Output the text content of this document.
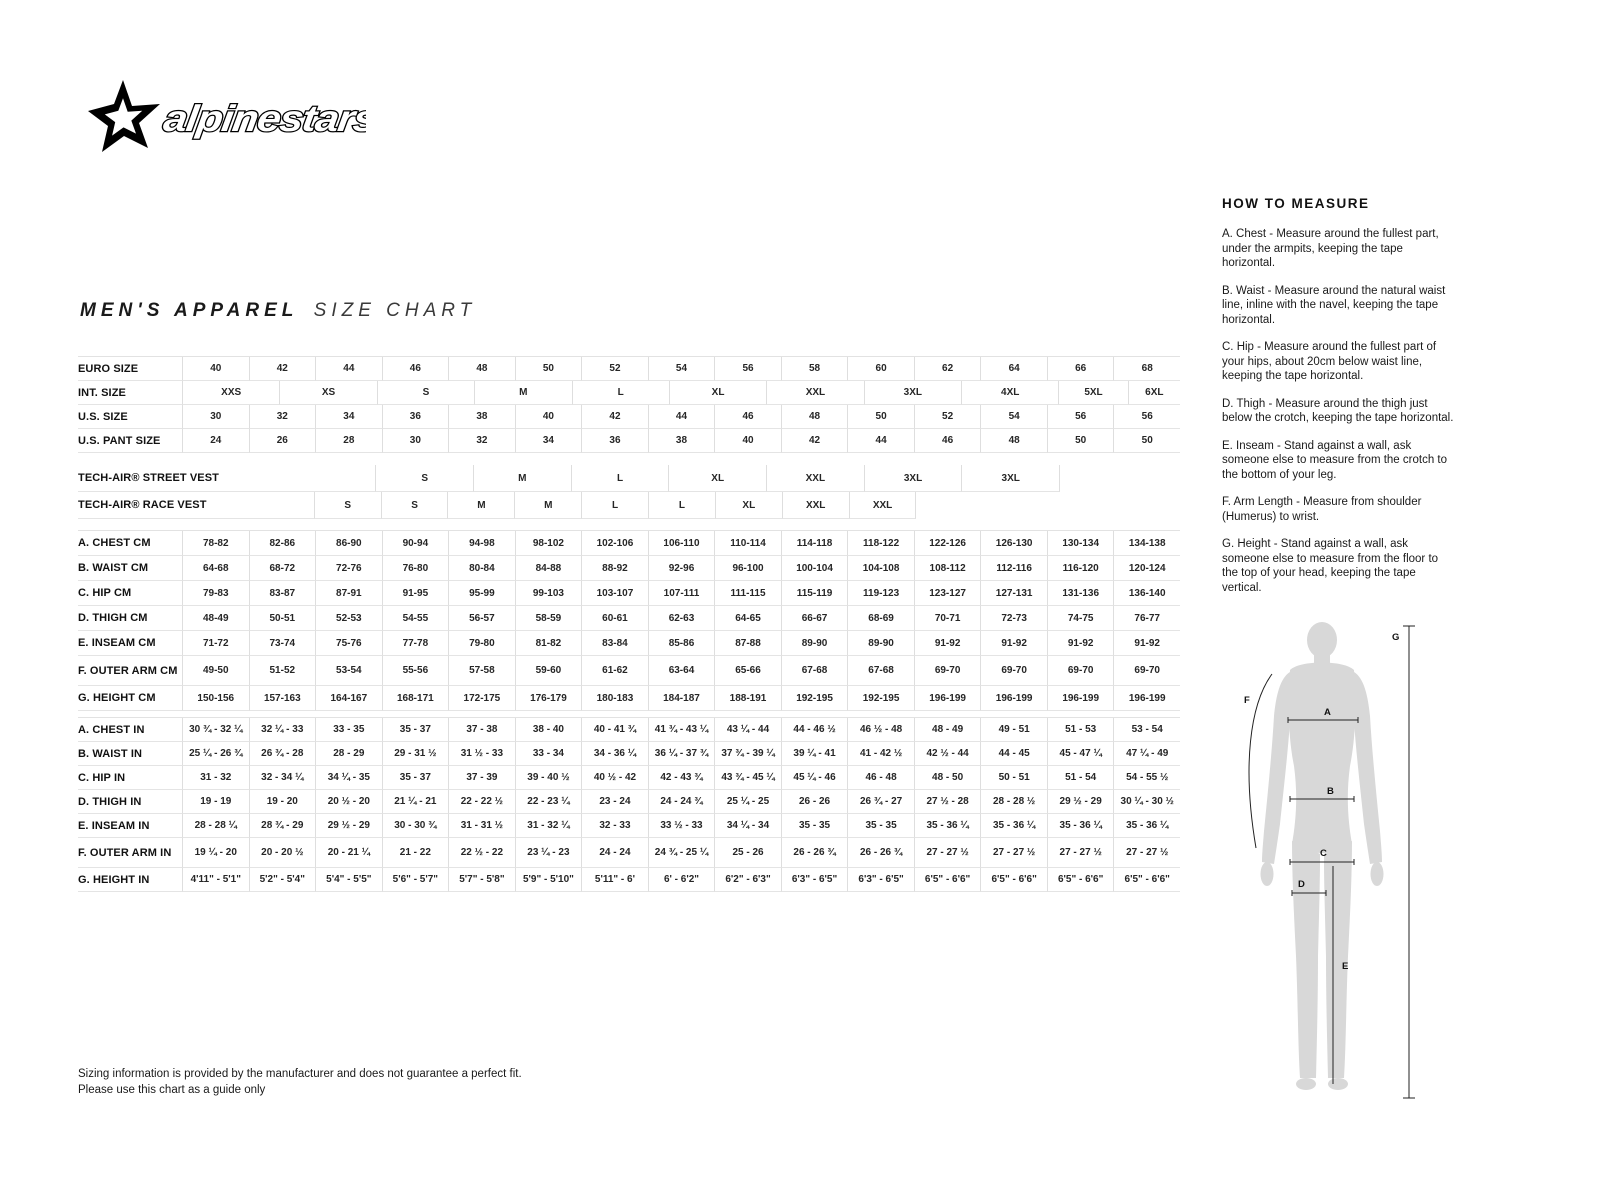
alpinestars
MEN'S APPAREL SIZE CHART
EURO SIZE	40	42	44	46	48	50	52	54	56	58	60	62	64	66	68
INT. SIZE	XXS	XS	S	M	L	XL	XXL	3XL	4XL	5XL	6XL
U.S. SIZE	30	32	34	36	38	40	42	44	46	48	50	52	54	56	56
U.S. PANT SIZE	24	26	28	30	32	34	36	38	40	42	44	46	48	50	50
TECH-AIR® STREET VEST	S	M	L	XL	XXL	3XL	3XL
TECH-AIR® RACE VEST	S	S	M	M	L	L	XL	XXL	XXL
A. CHEST CM	78-82	82-86	86-90	90-94	94-98	98-102	102-106	106-110	110-114	114-118	118-122	122-126	126-130	130-134	134-138
B. WAIST CM	64-68	68-72	72-76	76-80	80-84	84-88	88-92	92-96	96-100	100-104	104-108	108-112	112-116	116-120	120-124
C. HIP CM	79-83	83-87	87-91	91-95	95-99	99-103	103-107	107-111	111-115	115-119	119-123	123-127	127-131	131-136	136-140
D. THIGH CM	48-49	50-51	52-53	54-55	56-57	58-59	60-61	62-63	64-65	66-67	68-69	70-71	72-73	74-75	76-77
E. INSEAM CM	71-72	73-74	75-76	77-78	79-80	81-82	83-84	85-86	87-88	89-90	89-90	91-92	91-92	91-92	91-92
F. OUTER ARM CM	49-50	51-52	53-54	55-56	57-58	59-60	61-62	63-64	65-66	67-68	67-68	69-70	69-70	69-70	69-70
G. HEIGHT CM	150-156	157-163	164-167	168-171	172-175	176-179	180-183	184-187	188-191	192-195	192-195	196-199	196-199	196-199	196-199
A. CHEST IN	30 ¾ - 32 ¼	32 ¼ - 33	33 - 35	35 - 37	37 - 38	38 - 40	40 - 41 ¾	41 ¾ - 43 ¼	43 ¼ - 44	44 - 46 ½	46 ½ - 48	48 - 49	49 - 51	51 - 53	53 - 54
B. WAIST IN	25 ¼ - 26 ¾	26 ¾ - 28	28 - 29	29 - 31 ½	31 ½ - 33	33 - 34	34 - 36 ¼	36 ¼ - 37 ¾	37 ¾ - 39 ¼	39 ¼ - 41	41 - 42 ½	42 ½ - 44	44 - 45	45 - 47 ¼	47 ¼ - 49
C. HIP IN	31 - 32	32 - 34 ¼	34 ¼ - 35	35 - 37	37 - 39	39 - 40 ½	40 ½ - 42	42 - 43 ¾	43 ¾ - 45 ¼	45 ¼ - 46	46 - 48	48 - 50	50 - 51	51 - 54	54 - 55 ½
D. THIGH IN	19 - 19	19 - 20	20 ½ - 20	21 ¼ - 21	22 - 22 ½	22 - 23 ¼	23 - 24	24 - 24 ¾	25 ¼ - 25	26 - 26	26 ¾ - 27	27 ½ - 28	28 - 28 ½	29 ½ - 29	30 ¼ - 30 ½
E. INSEAM IN	28 - 28 ¼	28 ¾ - 29	29 ½ - 29	30 - 30 ¾	31 - 31 ½	31 - 32 ¼	32 - 33	33 ½ - 33	34 ¼ - 34	35 - 35	35 - 35	35 - 36 ¼	35 - 36 ¼	35 - 36 ¼	35 - 36 ¼
F. OUTER ARM IN	19 ¼ - 20	20 - 20 ½	20 - 21 ¼	21 - 22	22 ½ - 22	23 ¼ - 23	24 - 24	24 ¾ - 25 ¼	25 - 26	26 - 26 ¾	26 - 26 ¾	27 - 27 ½	27 - 27 ½	27 - 27 ½	27 - 27 ½
G. HEIGHT IN	4'11" - 5'1"	5'2" - 5'4"	5'4" - 5'5"	5'6" - 5'7"	5'7" - 5'8"	5'9" - 5'10"	5'11" - 6'	6' - 6'2"	6'2" - 6'3"	6'3" - 6'5"	6'3" - 6'5"	6'5" - 6'6"	6'5" - 6'6"	6'5" - 6'6"	6'5" - 6'6"
HOW TO MEASURE

A. Chest - Measure around the fullest part, under the armpits, keeping the tape horizontal.

B. Waist - Measure around the natural waist line, inline with the navel, keeping the tape horizontal.

C. Hip - Measure around the fullest part of your hips, about 20cm below waist line, keeping the tape horizontal.

D. Thigh - Measure around the thigh just below the crotch, keeping the tape horizontal.

E. Inseam - Stand against a wall, ask someone else to measure from the crotch to the bottom of your leg.

F. Arm Length - Measure from shoulder (Humerus) to wrist.

G. Height - Stand against a wall, ask someone else to measure from the floor to the top of your head, keeping the tape vertical.

A
B
C
D
E
F
G
Sizing information is provided by the manufacturer and does not guarantee a perfect fit.
Please use this chart as a guide only
